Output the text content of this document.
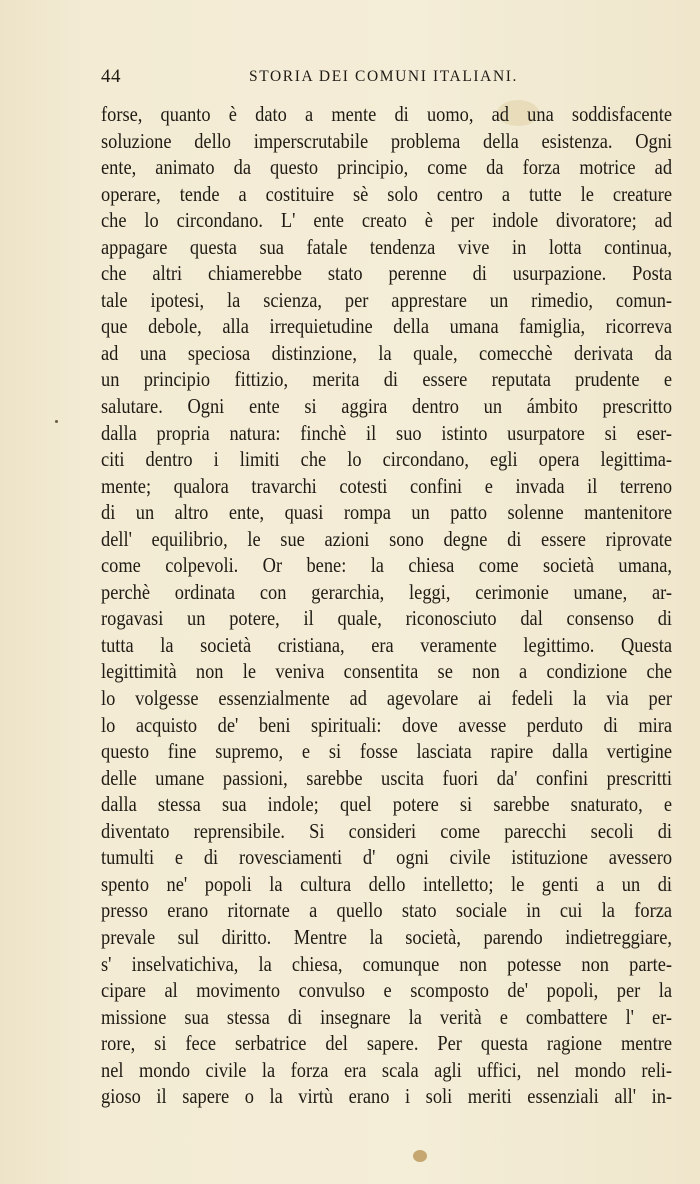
44	STORIA DEI COMUNI ITALIANI.
forse, quanto è dato a mente di uomo, ad una soddisfacente
soluzione dello imperscrutabile problema della esistenza. Ogni
ente, animato da questo principio, come da forza motrice ad
operare, tende a costituire sè solo centro a tutte le creature
che lo circondano. L' ente creato è per indole divoratore; ad
appagare questa sua fatale tendenza vive in lotta continua,
che altri chiamerebbe stato perenne di usurpazione. Posta
tale ipotesi, la scienza, per apprestare un rimedio, comun-
que debole, alla irrequietudine della umana famiglia, ricorreva
ad una speciosa distinzione, la quale, comecchè derivata da
un principio fittizio, merita di essere reputata prudente e
salutare. Ogni ente si aggira dentro un ámbito prescritto
dalla propria natura: finchè il suo istinto usurpatore si eser-
citi dentro i limiti che lo circondano, egli opera legittima-
mente; qualora travarchi cotesti confini e invada il terreno
di un altro ente, quasi rompa un patto solenne mantenitore
dell' equilibrio, le sue azioni sono degne di essere riprovate
come colpevoli. Or bene: la chiesa come società umana,
perchè ordinata con gerarchia, leggi, cerimonie umane, ar-
rogavasi un potere, il quale, riconosciuto dal consenso di
tutta la società cristiana, era veramente legittimo. Questa
legittimità non le veniva consentita se non a condizione che
lo volgesse essenzialmente ad agevolare ai fedeli la via per
lo acquisto de' beni spirituali: dove avesse perduto di mira
questo fine supremo, e si fosse lasciata rapire dalla vertigine
delle umane passioni, sarebbe uscita fuori da' confini prescritti
dalla stessa sua indole; quel potere si sarebbe snaturato, e
diventato reprensibile. Si consideri come parecchi secoli di
tumulti e di rovesciamenti d' ogni civile istituzione avessero
spento ne' popoli la cultura dello intelletto; le genti a un di
presso erano ritornate a quello stato sociale in cui la forza
prevale sul diritto. Mentre la società, parendo indietreggiare,
s' inselvatichiva, la chiesa, comunque non potesse non parte-
cipare al movimento convulso e scomposto de' popoli, per la
missione sua stessa di insegnare la verità e combattere l' er-
rore, si fece serbatrice del sapere. Per questa ragione mentre
nel mondo civile la forza era scala agli uffici, nel mondo reli-
gioso il sapere o la virtù erano i soli meriti essenziali all' in-
